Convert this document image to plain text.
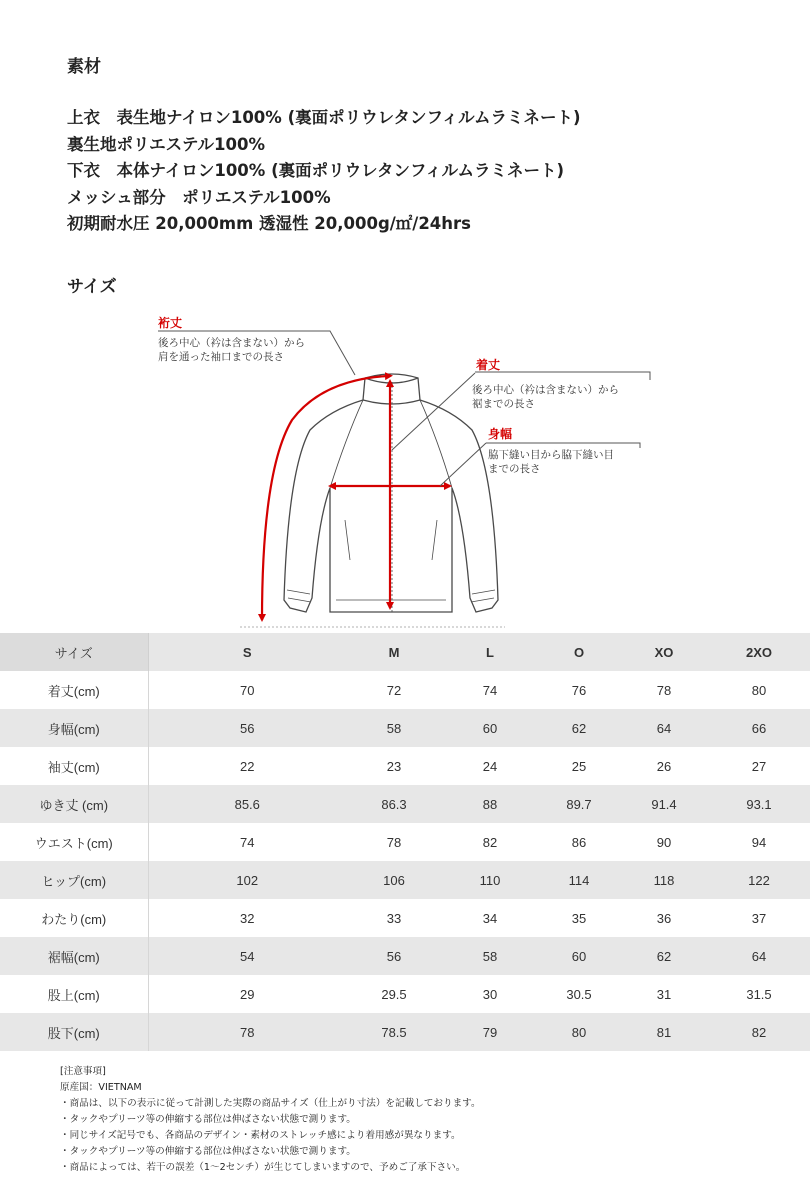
素材
上衣　表生地ナイロン100% (裏面ポリウレタンフィルムラミネート)
裏生地ポリエステル100%
下衣　本体ナイロン100% (裏面ポリウレタンフィルムラミネート)
メッシュ部分　ポリエステル100%
初期耐水圧 20,000mm 透湿性 20,000g/㎡/24hrs
サイズ
裄丈
後ろ中心（衿は含まない）から
肩を通った袖口までの長さ
着丈
後ろ中心（衿は含まない）から
裾までの長さ
身幅
脇下縫い目から脇下縫い目
までの長さ
サイズ	S	M	L	O	XO	2XO
着丈(cm)	70	72	74	76	78	80
身幅(cm)	56	58	60	62	64	66
袖丈(cm)	22	23	24	25	26	27
ゆき丈 (cm)	85.6	86.3	88	89.7	91.4	93.1
ウエスト(cm)	74	78	82	86	90	94
ヒップ(cm)	102	106	110	114	118	122
わたり(cm)	32	33	34	35	36	37
裾幅(cm)	54	56	58	60	62	64
股上(cm)	29	29.5	30	30.5	31	31.5
股下(cm)	78	78.5	79	80	81	82
[注意事項]
原産国：VIETNAM
・商品は、以下の表示に従って計測した実際の商品サイズ（仕上がり寸法）を記載しております。
・タックやプリーツ等の伸縮する部位は伸ばさない状態で測ります。
・同じサイズ記号でも、各商品のデザイン・素材のストレッチ感により着用感が異なります。
・タックやプリーツ等の伸縮する部位は伸ばさない状態で測ります。
・商品によっては、若干の誤差（1〜2センチ）が生じてしまいますので、予めご了承下さい。
